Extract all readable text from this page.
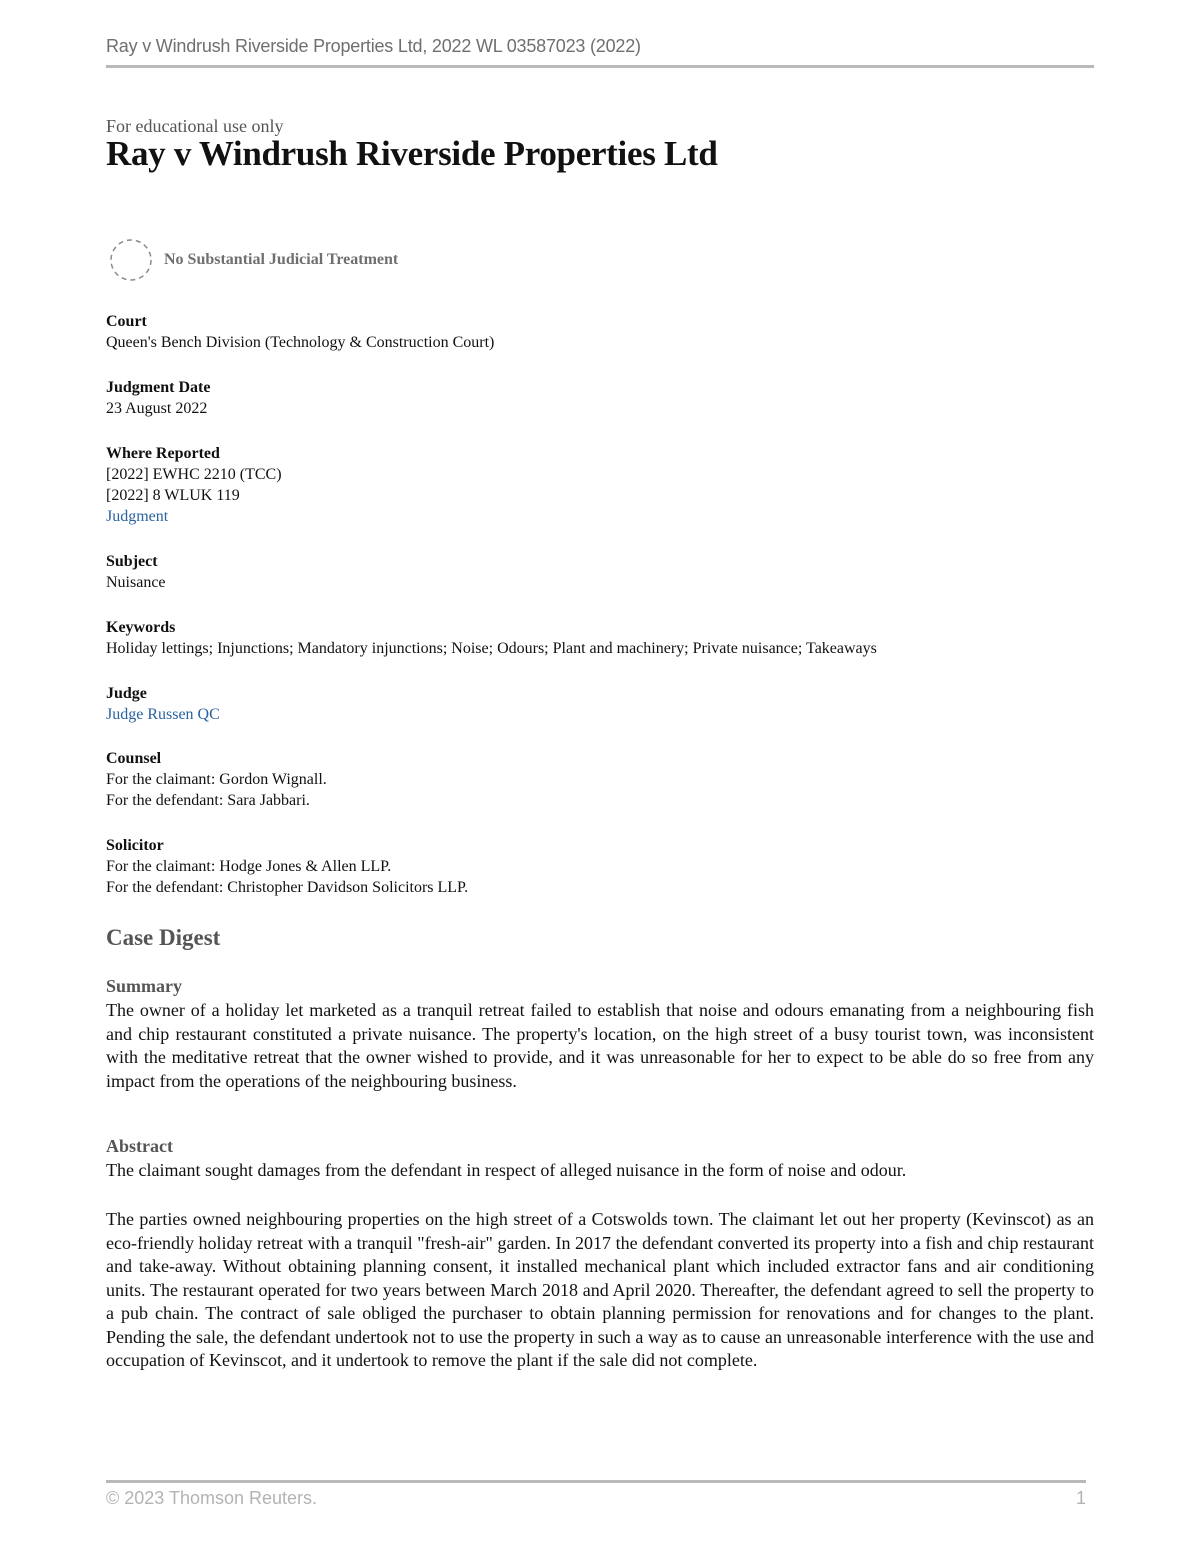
Ray v Windrush Riverside Properties Ltd, 2022 WL 03587023 (2022)
For educational use only
Ray v Windrush Riverside Properties Ltd
No Substantial Judicial Treatment
Court
Queen's Bench Division (Technology & Construction Court)
Judgment Date
23 August 2022
Where Reported
[2022] EWHC 2210 (TCC)
[2022] 8 WLUK 119
Judgment
Subject
Nuisance
Keywords
Holiday lettings; Injunctions; Mandatory injunctions; Noise; Odours; Plant and machinery; Private nuisance; Takeaways
Judge
Judge Russen QC
Counsel
For the claimant: Gordon Wignall.
For the defendant: Sara Jabbari.
Solicitor
For the claimant: Hodge Jones & Allen LLP.
For the defendant: Christopher Davidson Solicitors LLP.
Case Digest
Summary

The owner of a holiday let marketed as a tranquil retreat failed to establish that noise and odours emanating from a neighbouring fish and chip restaurant constituted a private nuisance. The property's location, on the high street of a busy tourist town, was inconsistent with the meditative retreat that the owner wished to provide, and it was unreasonable for her to expect to be able do so free from any impact from the operations of the neighbouring business.

Abstract

The claimant sought damages from the defendant in respect of alleged nuisance in the form of noise and odour.

The parties owned neighbouring properties on the high street of a Cotswolds town. The claimant let out her property (Kevinscot) as an eco-friendly holiday retreat with a tranquil "fresh-air" garden. In 2017 the defendant converted its property into a fish and chip restaurant and take-away. Without obtaining planning consent, it installed mechanical plant which included extractor fans and air conditioning units. The restaurant operated for two years between March 2018 and April 2020. Thereafter, the defendant agreed to sell the property to a pub chain. The contract of sale obliged the purchaser to obtain planning permission for renovations and for changes to the plant. Pending the sale, the defendant undertook not to use the property in such a way as to cause an unreasonable interference with the use and occupation of Kevinscot, and it undertook to remove the plant if the sale did not complete.

© 2023 Thomson Reuters.	1
